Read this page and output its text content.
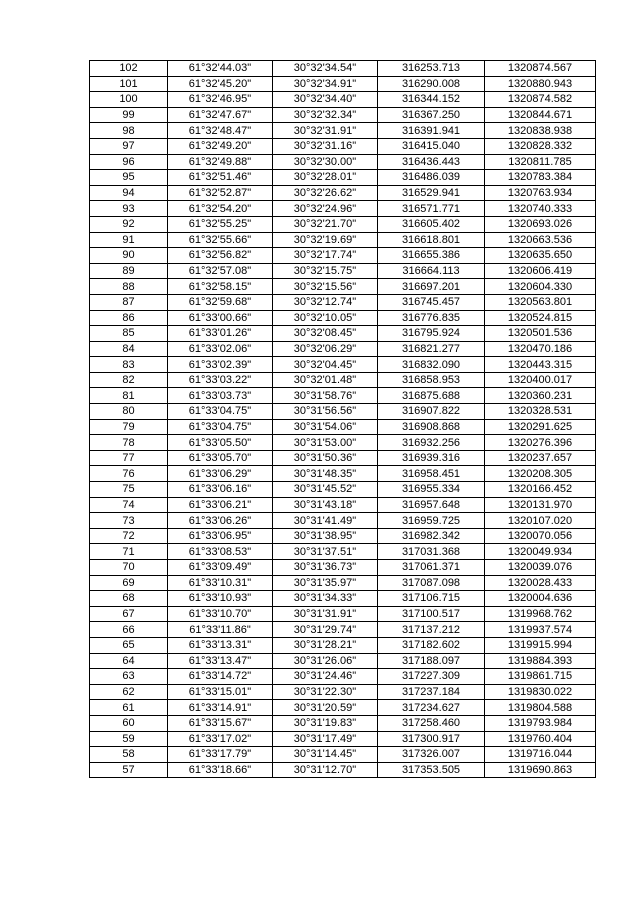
102	61°32'44.03"	30°32'34.54"	316253.713	1320874.567
101	61°32'45.20"	30°32'34.91"	316290.008	1320880.943
100	61°32'46.95"	30°32'34.40"	316344.152	1320874.582
99	61°32'47.67"	30°32'32.34"	316367.250	1320844.671
98	61°32'48.47"	30°32'31.91"	316391.941	1320838.938
97	61°32'49.20"	30°32'31.16"	316415.040	1320828.332
96	61°32'49.88"	30°32'30.00"	316436.443	1320811.785
95	61°32'51.46"	30°32'28.01"	316486.039	1320783.384
94	61°32'52.87"	30°32'26.62"	316529.941	1320763.934
93	61°32'54.20"	30°32'24.96"	316571.771	1320740.333
92	61°32'55.25"	30°32'21.70"	316605.402	1320693.026
91	61°32'55.66"	30°32'19.69"	316618.801	1320663.536
90	61°32'56.82"	30°32'17.74"	316655.386	1320635.650
89	61°32'57.08"	30°32'15.75"	316664.113	1320606.419
88	61°32'58.15"	30°32'15.56"	316697.201	1320604.330
87	61°32'59.68"	30°32'12.74"	316745.457	1320563.801
86	61°33'00.66"	30°32'10.05"	316776.835	1320524.815
85	61°33'01.26"	30°32'08.45"	316795.924	1320501.536
84	61°33'02.06"	30°32'06.29"	316821.277	1320470.186
83	61°33'02.39"	30°32'04.45"	316832.090	1320443.315
82	61°33'03.22"	30°32'01.48"	316858.953	1320400.017
81	61°33'03.73"	30°31'58.76"	316875.688	1320360.231
80	61°33'04.75"	30°31'56.56"	316907.822	1320328.531
79	61°33'04.75"	30°31'54.06"	316908.868	1320291.625
78	61°33'05.50"	30°31'53.00"	316932.256	1320276.396
77	61°33'05.70"	30°31'50.36"	316939.316	1320237.657
76	61°33'06.29"	30°31'48.35"	316958.451	1320208.305
75	61°33'06.16"	30°31'45.52"	316955.334	1320166.452
74	61°33'06.21"	30°31'43.18"	316957.648	1320131.970
73	61°33'06.26"	30°31'41.49"	316959.725	1320107.020
72	61°33'06.95"	30°31'38.95"	316982.342	1320070.056
71	61°33'08.53"	30°31'37.51"	317031.368	1320049.934
70	61°33'09.49"	30°31'36.73"	317061.371	1320039.076
69	61°33'10.31"	30°31'35.97"	317087.098	1320028.433
68	61°33'10.93"	30°31'34.33"	317106.715	1320004.636
67	61°33'10.70"	30°31'31.91"	317100.517	1319968.762
66	61°33'11.86"	30°31'29.74"	317137.212	1319937.574
65	61°33'13.31"	30°31'28.21"	317182.602	1319915.994
64	61°33'13.47"	30°31'26.06"	317188.097	1319884.393
63	61°33'14.72"	30°31'24.46"	317227.309	1319861.715
62	61°33'15.01"	30°31'22.30"	317237.184	1319830.022
61	61°33'14.91"	30°31'20.59"	317234.627	1319804.588
60	61°33'15.67"	30°31'19.83"	317258.460	1319793.984
59	61°33'17.02"	30°31'17.49"	317300.917	1319760.404
58	61°33'17.79"	30°31'14.45"	317326.007	1319716.044
57	61°33'18.66"	30°31'12.70"	317353.505	1319690.863
